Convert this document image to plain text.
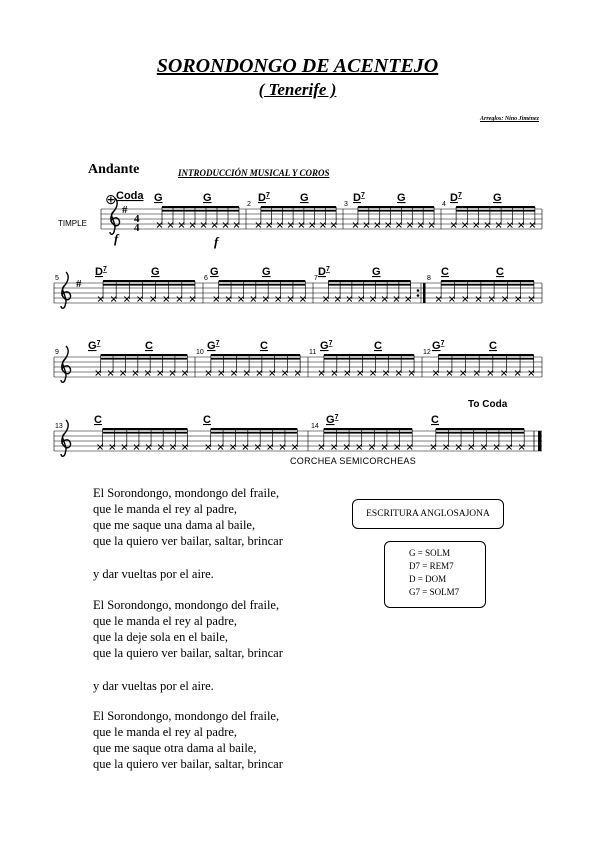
SORONDONGO DE ACENTEJO
( Tenerife )
Arreglos: Nino Jiménez
Andante	INTRODUCCIÓN MUSICAL Y COROS
TIMPLE
#
4
4
⊕ Coda
f	f
#
To Coda
2	3	4
5	6	7	8
9	10	11	12
13	14
G	G	$D^7$	G	$D^7$	G	$D^7$	G
$D^7$	G	G	G	$D^7$	G	C	C
$G^7$	C	$G^7$	C	$G^7$	C	$G^7$	C
C	C	$G^7$	C
CORCHEA SEMICORCHEAS
El Sorondongo, mondongo del fraile,
que le manda el rey al padre,
que me saque una dama al baile,
que la quiero ver bailar, saltar, brincar
y dar vueltas por el aire.
El Sorondongo, mondongo del fraile,
que le manda el rey al padre,
que la deje sola en el baile,
que la quiero ver bailar, saltar, brincar
y dar vueltas por el aire.
El Sorondongo, mondongo del fraile,
que le manda el rey al padre,
que me saque otra dama al baile,
que la quiero ver bailar, saltar, brincar
ESCRITURA ANGLOSAJONA
G = SOLM
D7 = REM7
D = DOM
G7 = SOLM7
